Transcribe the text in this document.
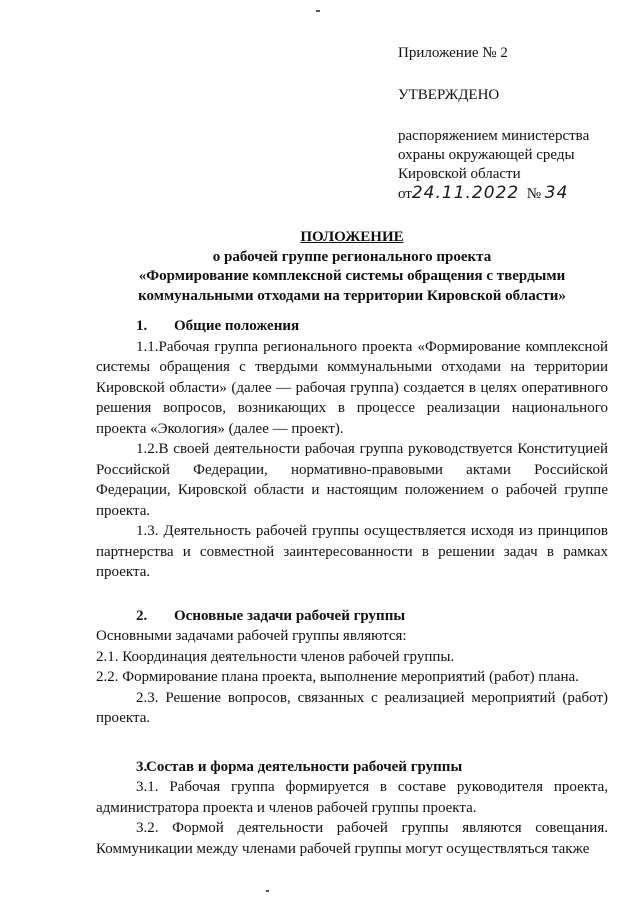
Приложение № 2
УТВЕРЖДЕНО
распоряжением министерства
охраны окружающей среды
Кировской области
от24.11.2022 № 34
ПОЛОЖЕНИЕ
о рабочей группе регионального проекта
«Формирование комплексной системы обращения с твердыми
коммунальными отходами на территории Кировской области»

1. Общие положения

1.1.Рабочая группа регионального проекта «Формирование комплексной системы обращения с твердыми коммунальными отходами на территории Кировской области» (далее — рабочая группа) создается в целях оперативного решения вопросов, возникающих в процессе реализации национального проекта «Экология» (далее — проект).

1.2.В своей деятельности рабочая группа руководствуется Конституцией Российской Федерации, нормативно-правовыми актами Российской Федерации, Кировской области и настоящим положением о рабочей группе проекта.

1.3. Деятельность рабочей группы осуществляется исходя из принципов партнерства и совместной заинтересованности в решении задач в рамках проекта.

2. Основные задачи рабочей группы

Основными задачами рабочей группы являются:

2.1. Координация деятельности членов рабочей группы.

2.2. Формирование плана проекта, выполнение мероприятий (работ) плана.

2.3. Решение вопросов, связанных с реализацией мероприятий (работ) проекта.

3.Состав и форма деятельности рабочей группы

3.1. Рабочая группа формируется в составе руководителя проекта, администратора проекта и членов рабочей группы проекта.

3.2. Формой деятельности рабочей группы являются совещания. Коммуникации между членами рабочей группы могут осуществляться также
